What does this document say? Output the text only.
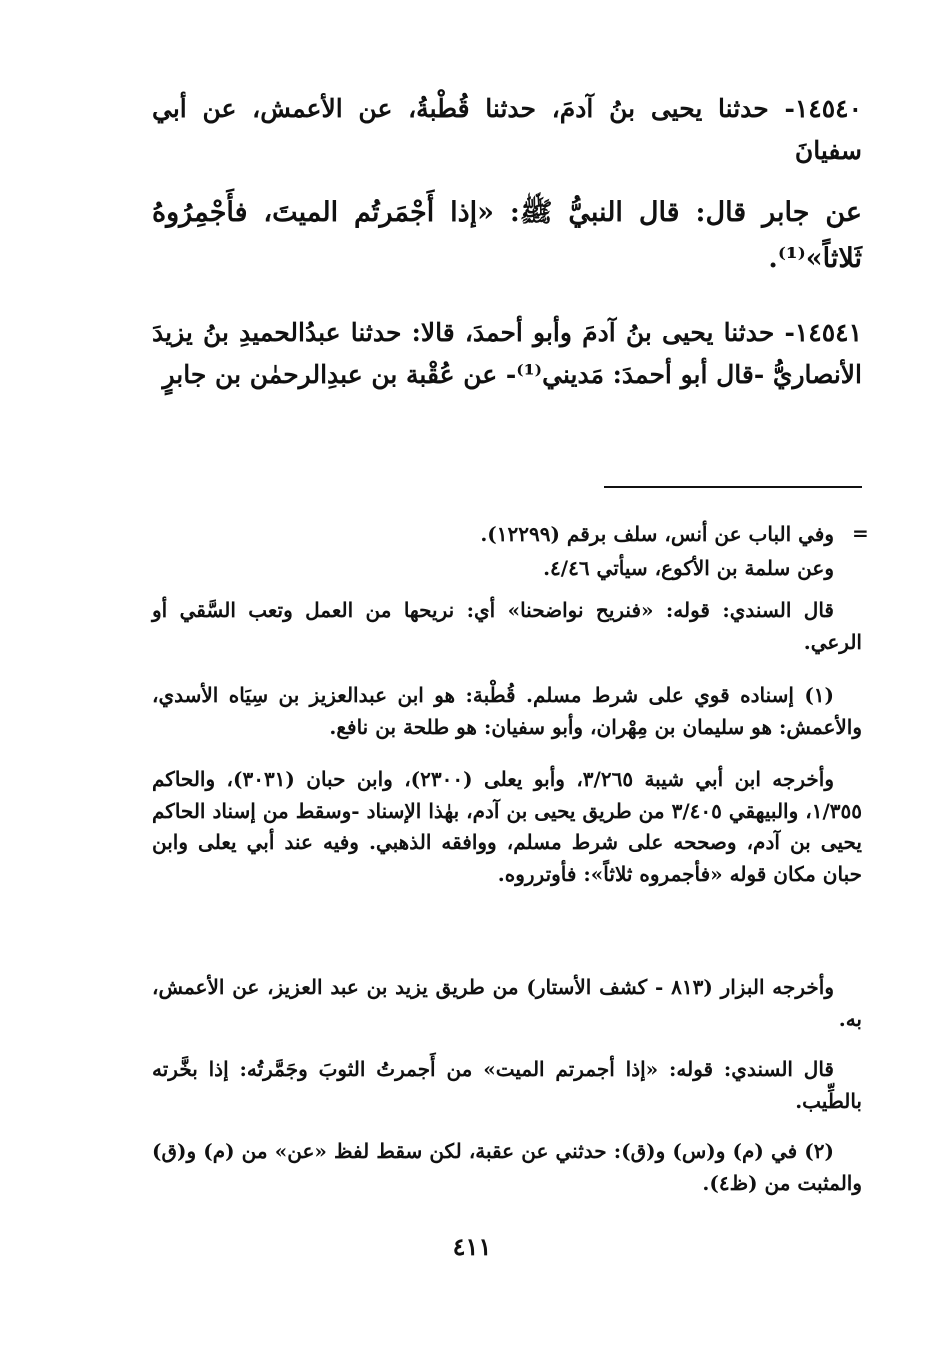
١٤٥٤٠- حدثنا يحيى بنُ آدمَ، حدثنا قُطْبةُ، عن الأعمش، عن أبي سفيانَ

عن جابر قال: قال النبيُّ ﷺ: «إذا أَجْمَرتُم الميتَ، فأَجْمِرُوهُ ثَلاثاً»⁽¹⁾.

١٤٥٤١- حدثنا يحيى بنُ آدمَ وأبو أحمدَ، قالا: حدثنا عبدُالحميدِ بنُ يزيدَ الأنصاريُّ -قال أبو أحمدَ: مَديني⁽¹⁾- عن عُقْبة بن عبدِالرحمٰن بن جابرٍ

=

وفي الباب عن أنس، سلف برقم (١٢٢٩٩).

وعن سلمة بن الأكوع، سيأتي ٤/٤٦.

قال السندي: قوله: «فنريح نواضحنا» أي: نريحها من العمل وتعب السَّقي أو الرعي.

(١) إسناده قوي على شرط مسلم. قُطْبة: هو ابن عبدالعزيز بن سِيَاه الأسدي، والأعمش: هو سليمان بن مِهْران، وأبو سفيان: هو طلحة بن نافع.

وأخرجه ابن أبي شيبة ٣/٢٦٥، وأبو يعلى (٢٣٠٠)، وابن حبان (٣٠٣١)، والحاكم ١/٣٥٥، والبيهقي ٣/٤٠٥ من طريق يحيى بن آدم، بهٰذا الإسناد -وسقط من إسناد الحاكم يحيى بن آدم، وصححه على شرط مسلم، ووافقه الذهبي. وفيه عند أبي يعلى وابن حبان مكان قوله «فأجمروه ثلاثاً»: فأوترروه.

وأخرجه البزار (٨١٣ - كشف الأستار) من طريق يزيد بن عبد العزيز، عن الأعمش، به.

قال السندي: قوله: «إذا أجمرتم الميت» من أَجمرتُ الثوبَ وجَمَّرتُه: إذا بخَّرته بالطِّيب.

(٢) في (م) و(س) و(ق): حدثني عن عقبة، لكن سقط لفظ «عن» من (م) و(ق) والمثبت من (ظ٤).

٤١١
